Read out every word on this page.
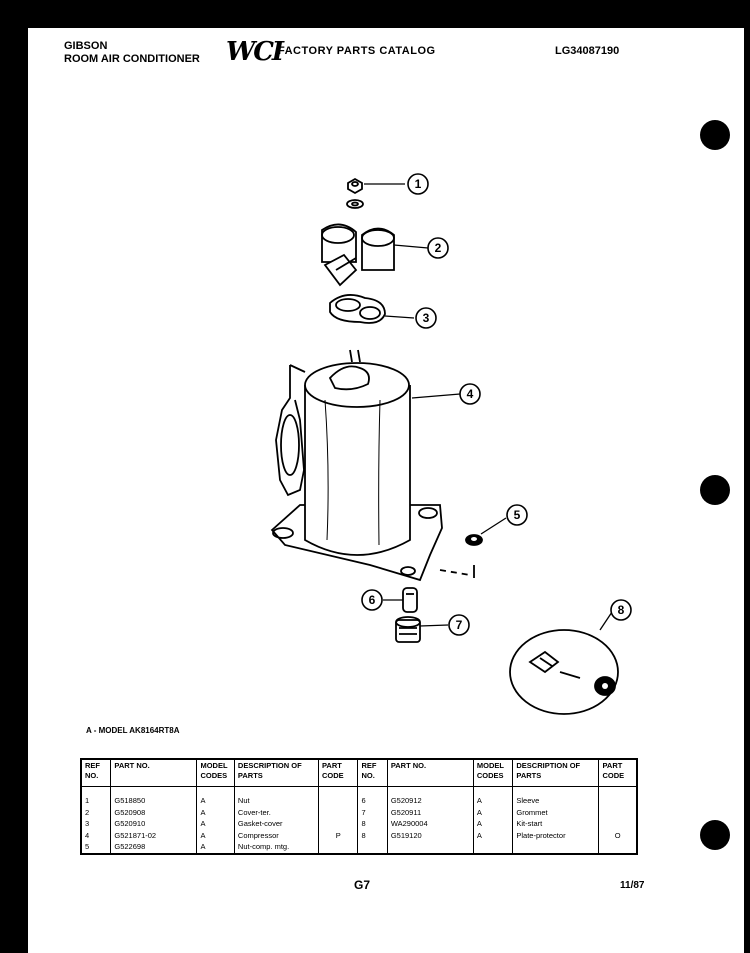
GIBSON
ROOM AIR CONDITIONER WCI
FACTORY PARTS CATALOG	LG34087190
1
2
3
4
5
6
7
8
A - MODEL AK8164RT8A
REF NO.	PART NO.	MODEL CODES	DESCRIPTION OF PARTS	PART CODE	REF NO.	PART NO.	MODEL CODES	DESCRIPTION OF PARTS	PART CODE

1	G518850	A	Nut		6	G520912	A	Sleeve	
2	G520908	A	Cover-ter.		7	G520911	A	Grommet	
3	G520910	A	Gasket-cover		8	WA290004	A	Kit-start	
4	G521871-02	A	Compressor	P	8	G519120	A	Plate-protector	O
5	G522698	A	Nut-comp. mtg.						
G7	11/87
